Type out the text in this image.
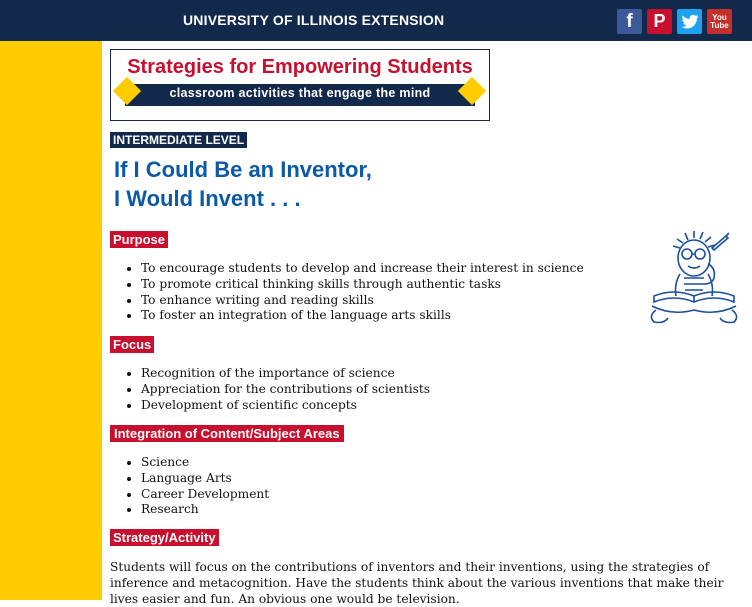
UNIVERSITY OF ILLINOIS EXTENSION	f P	You Tube
Strategies for Empowering Students
classroom activities that engage the mind
INTERMEDIATE LEVEL
If I Could Be an Inventor,
I Would Invent . . .
Purpose
• To encourage students to develop and increase their interest in science
• To promote critical thinking skills through authentic tasks
• To enhance writing and reading skills
• To foster an integration of the language arts skills
Focus
• Recognition of the importance of science
• Appreciation for the contributions of scientists
• Development of scientific concepts
Integration of Content/Subject Areas
• Science
• Language Arts
• Career Development
• Research
Strategy/Activity
Students will focus on the contributions of inventors and their inventions, using the strategies of inference and metacognition. Have the students think about the various inventions that make their lives easier and fun. An obvious one would be television.
